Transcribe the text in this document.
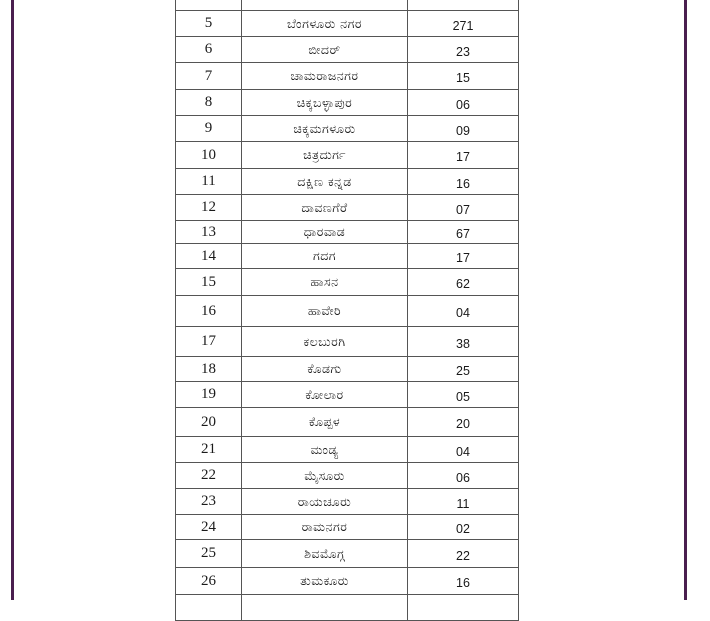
5	ಬೆಂಗಳೂರು ನಗರ	271
6	ಬೀದರ್	23
7	ಚಾಮರಾಜನಗರ	15
8	ಚಿಕ್ಕಬಳ್ಳಾಪುರ	06
9	ಚಿಕ್ಕಮಗಳೂರು	09
10	ಚಿತ್ರದುರ್ಗ	17
11	ದಕ್ಷಿಣ ಕನ್ನಡ	16
12	ದಾವಣಗೆರೆ	07
13	ಧಾರವಾಡ	67
14	ಗದಗ	17
15	ಹಾಸನ	62
16	ಹಾವೇರಿ	04
17	ಕಲಬುರಗಿ	38
18	ಕೊಡಗು	25
19	ಕೋಲಾರ	05
20	ಕೊಪ್ಪಳ	20
21	ಮಂಡ್ಯ	04
22	ಮೈಸೂರು	06
23	ರಾಯಚೂರು	11
24	ರಾಮನಗರ	02
25	ಶಿವಮೊಗ್ಗ	22
26	ತುಮಕೂರು	16
